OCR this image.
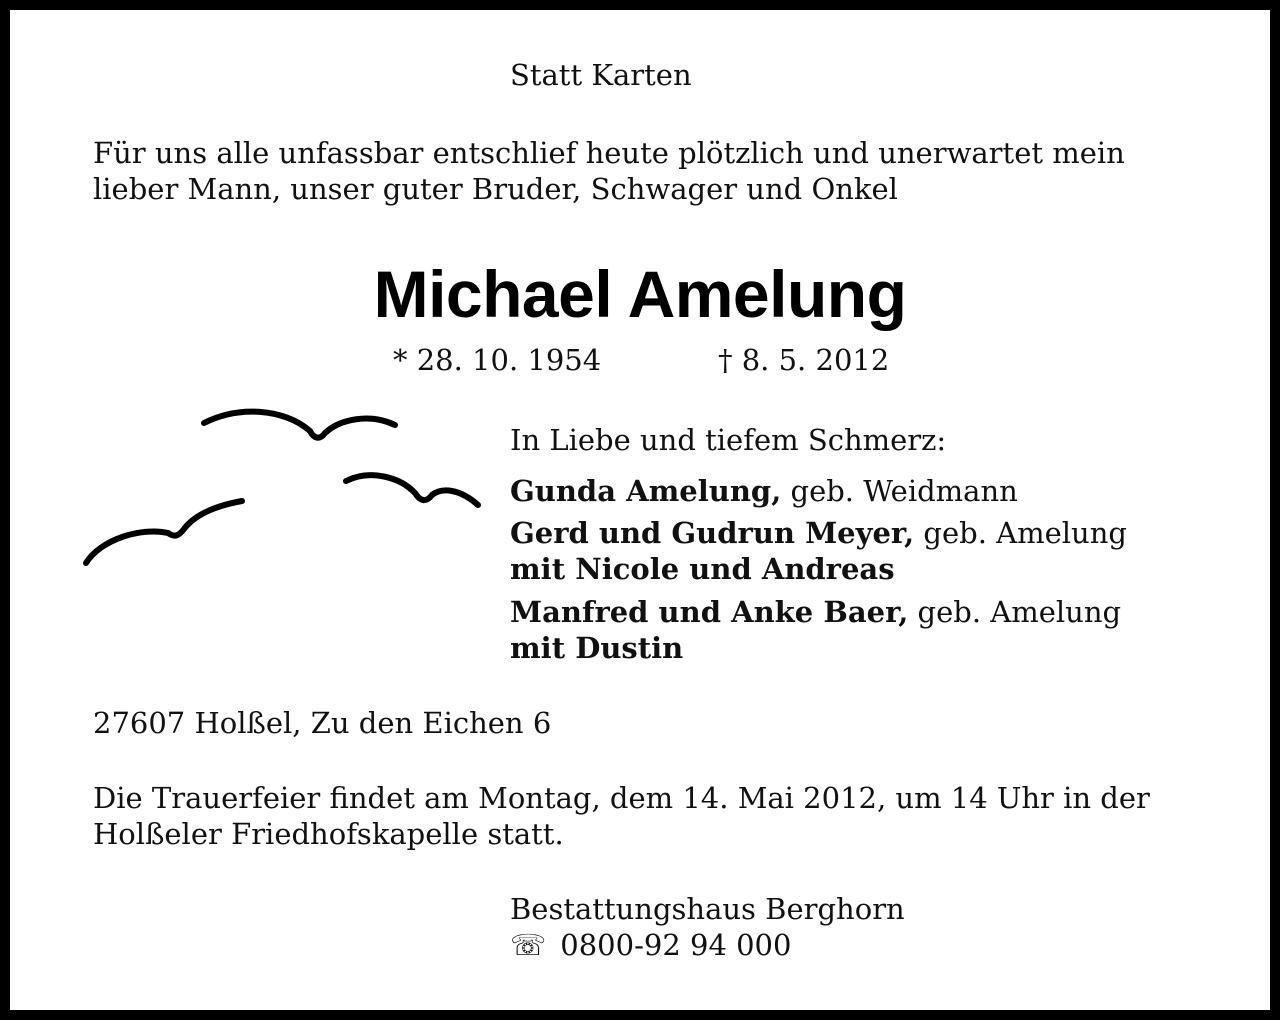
Statt Karten
Für uns alle unfassbar entschlief heute plötzlich und unerwartet mein
lieber Mann, unser guter Bruder, Schwager und Onkel
Michael Amelung
* 28. 10. 1954	† 8. 5. 2012
In Liebe und tiefem Schmerz:
Gunda Amelung, geb. Weidmann
Gerd und Gudrun Meyer, geb. Amelung
mit Nicole und Andreas
Manfred und Anke Baer, geb. Amelung
mit Dustin
27607 Holßel, Zu den Eichen 6
Die Trauerfeier findet am Montag, dem 14. Mai 2012, um 14 Uhr in der
Holßeler Friedhofskapelle statt.
Bestattungshaus Berghorn
☏ 0800-92 94 000
